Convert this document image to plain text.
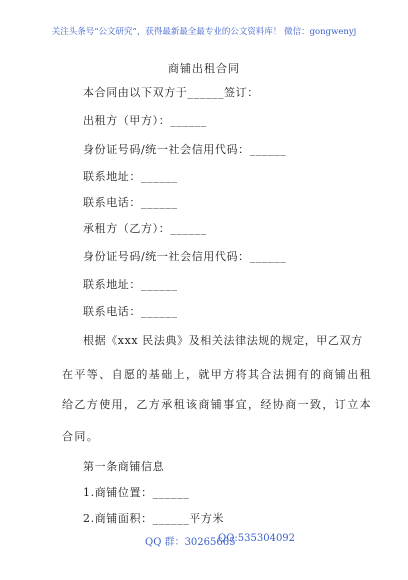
关注头条号“公文研究”，获得最新最全最专业的公文资料库！ 微信：gongwenyj
商铺出租合同
本合同由以下双方于______签订：
出租方（甲方）：______
身份证号码/统一社会信用代码：______
联系地址：______
联系电话：______
承租方（乙方）：______
身份证号码/统一社会信用代码：______
联系地址：______
联系电话：______
根据《xxx 民法典》及相关法律法规的规定，甲乙双方
在平等、自愿的基础上，就甲方将其合法拥有的商铺出租
给乙方使用，乙方承租该商铺事宜，经协商一致，订立本
合同。
第一条商铺信息
1.商铺位置：______
2.商铺面积：______平方米
QQ 群：30265665
QQ:535304092
